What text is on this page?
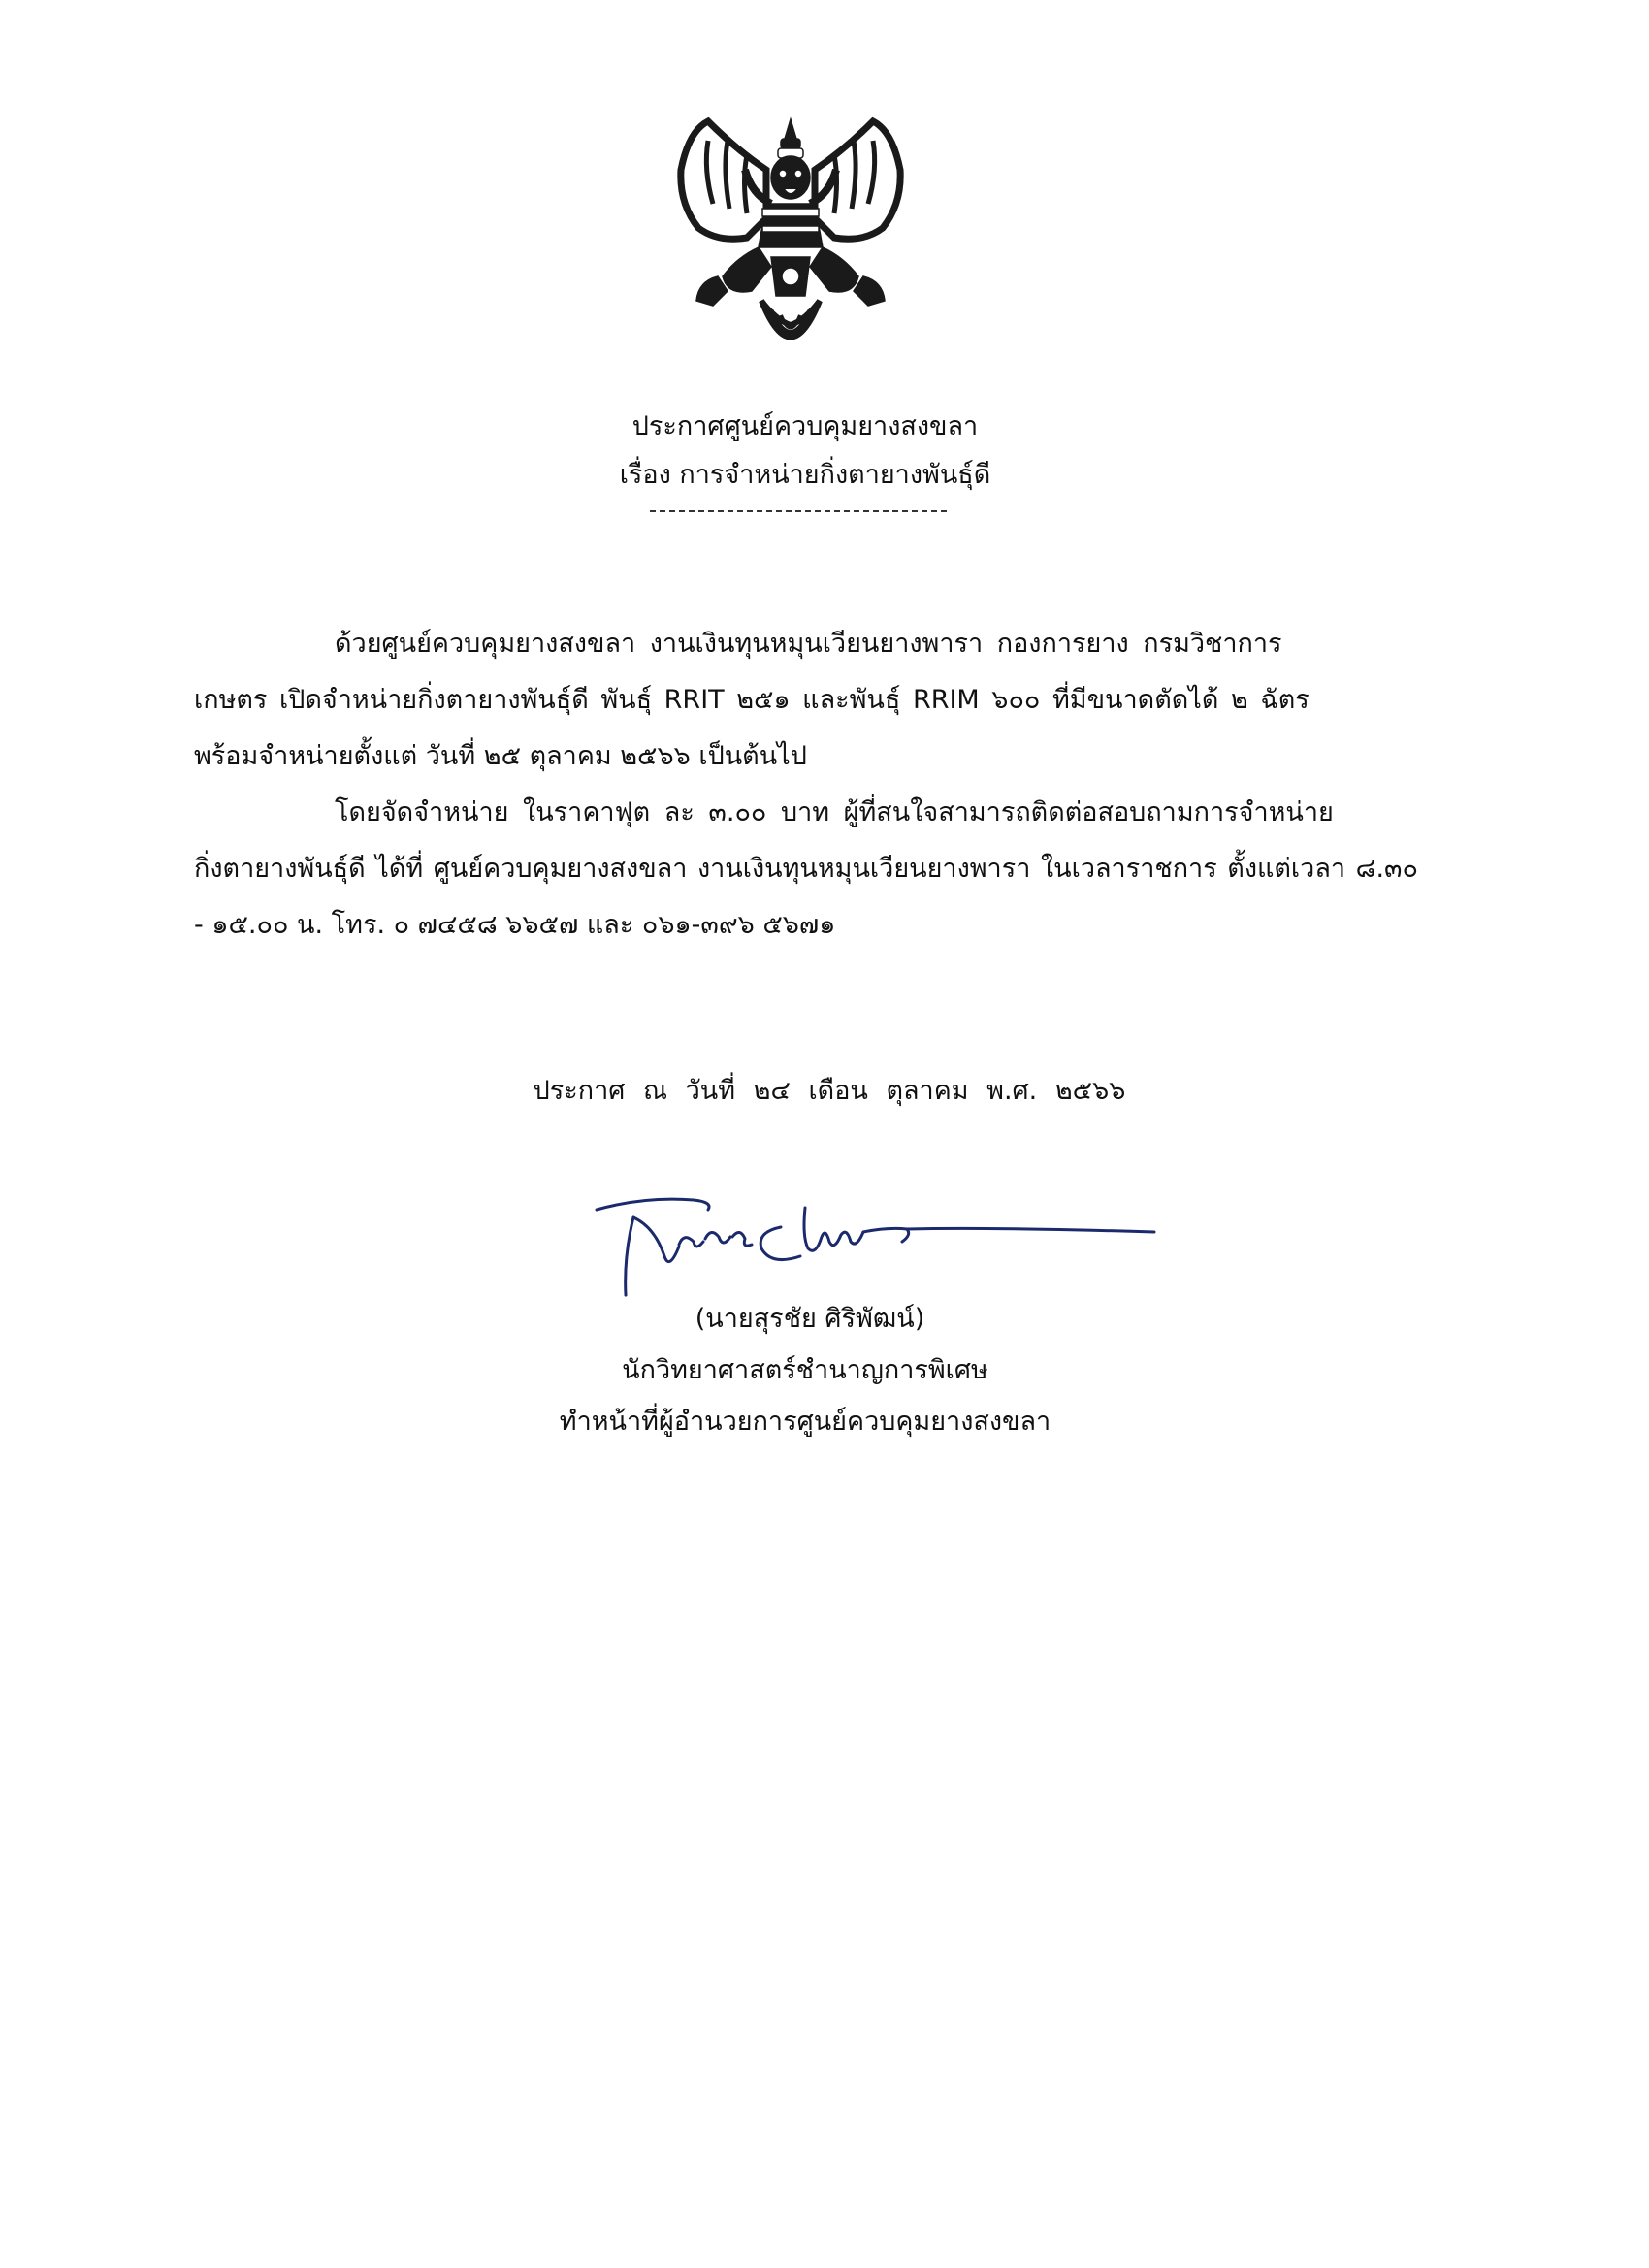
ประกาศศูนย์ควบคุมยางสงขลา
เรื่อง การจำหน่ายกิ่งตายางพันธุ์ดี
ด้วยศูนย์ควบคุมยางสงขลา งานเงินทุนหมุนเวียนยางพารา กองการยาง กรมวิชาการ
เกษตร เปิดจำหน่ายกิ่งตายางพันธุ์ดี พันธุ์ RRIT ๒๕๑ และพันธุ์ RRIM ๖๐๐ ที่มีขนาดตัดได้ ๒ ฉัตร
พร้อมจำหน่ายตั้งแต่ วันที่ ๒๕ ตุลาคม ๒๕๖๖ เป็นต้นไป
โดยจัดจำหน่าย ในราคาฟุต ละ ๓.๐๐ บาท ผู้ที่สนใจสามารถติดต่อสอบถามการจำหน่าย
กิ่งตายางพันธุ์ดี ได้ที่ ศูนย์ควบคุมยางสงขลา งานเงินทุนหมุนเวียนยางพารา ในเวลาราชการ ตั้งแต่เวลา ๘.๓๐
- ๑๕.๐๐ น. โทร. ๐ ๗๔๕๘ ๖๖๕๗ และ ๐๖๑-๓๙๖ ๕๖๗๑
ประกาศ ณ วันที่ ๒๔ เดือน ตุลาคม พ.ศ. ๒๕๖๖
(นายสุรชัย ศิริพัฒน์)
นักวิทยาศาสตร์ชำนาญการพิเศษ
ทำหน้าที่ผู้อำนวยการศูนย์ควบคุมยางสงขลา
